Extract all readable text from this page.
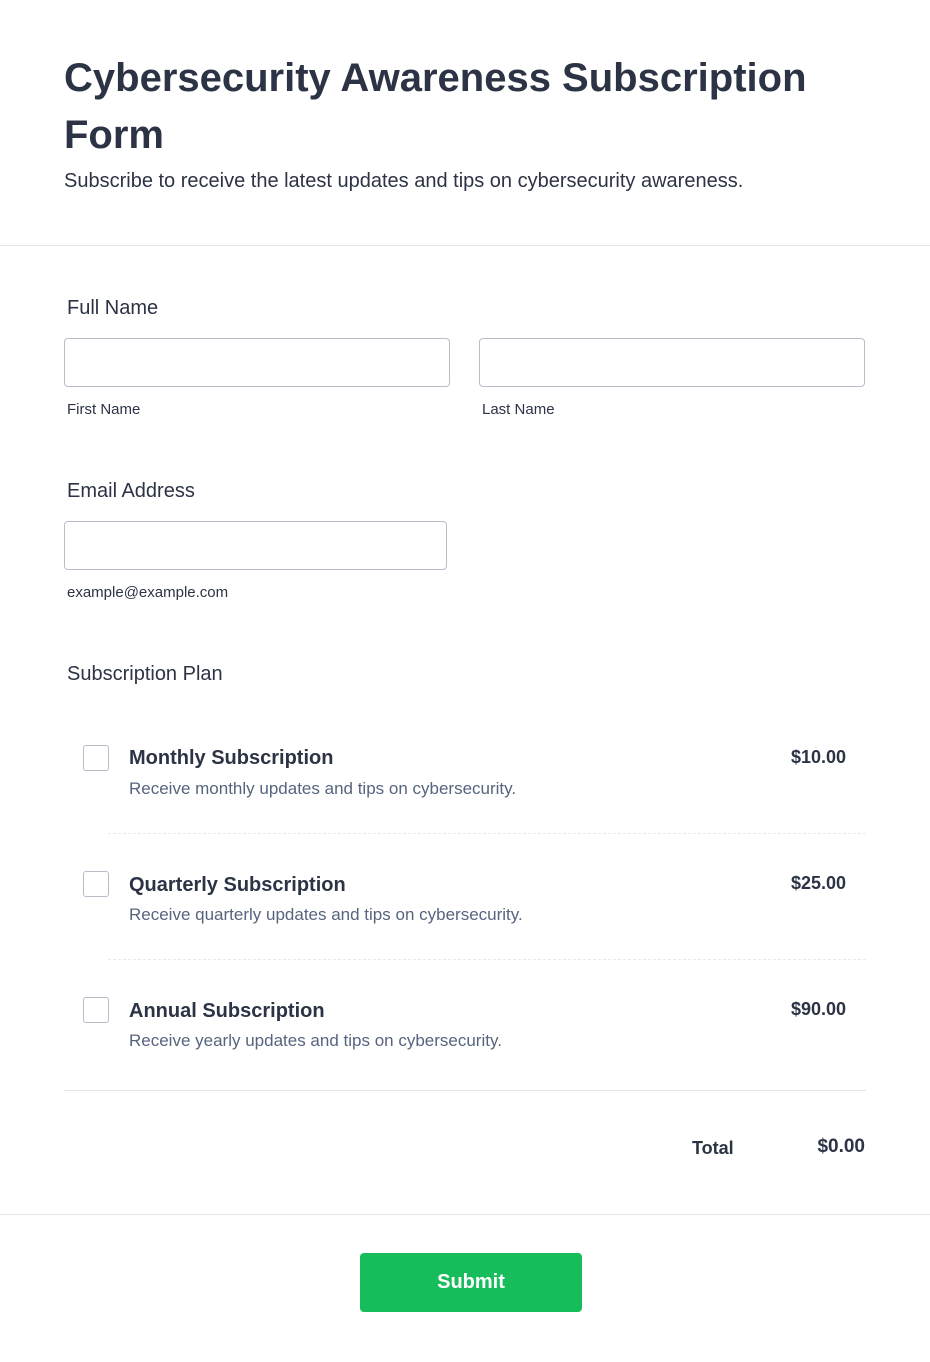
Cybersecurity Awareness Subscription Form

Subscribe to receive the latest updates and tips on cybersecurity awareness.

Full Name
First Name	Last Name
Email Address
example@example.com
Subscription Plan
Monthly Subscription
Receive monthly updates and tips on cybersecurity.
$10.00
Quarterly Subscription
Receive quarterly updates and tips on cybersecurity.
$25.00
Annual Subscription
Receive yearly updates and tips on cybersecurity.
$90.00
Total	$0.00
Submit
